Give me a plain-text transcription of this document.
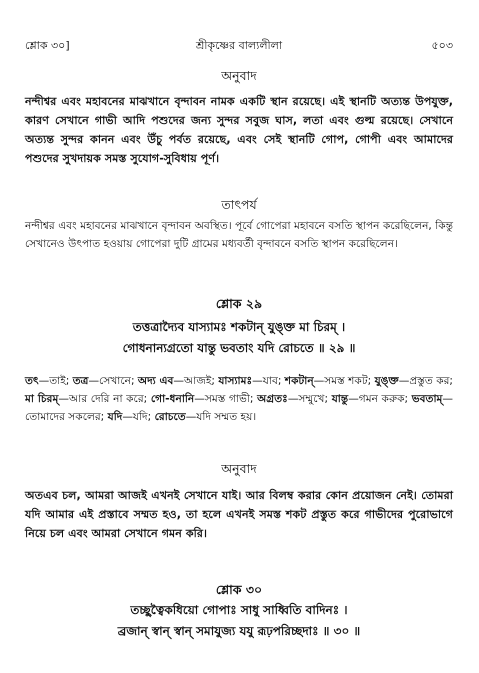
শ্লোক ৩০]	শ্রীকৃষ্ণের বাল্যলীলা	৫০৩
অনুবাদ

নন্দীশ্বর এবং মহাবনের মাঝখানে বৃন্দাবন নামক একটি স্থান রয়েছে। এই স্থানটি অত্যন্ত উপযুক্ত, কারণ সেখানে গাভী আদি পশুদের জন্য সুন্দর সবুজ ঘাস, লতা এবং গুল্ম রয়েছে। সেখানে অত্যন্ত সুন্দর কানন এবং উঁচু পর্বত রয়েছে, এবং সেই স্থানটি গোপ, গোপী এবং আমাদের পশুদের সুখদায়ক সমস্ত সুযোগ-সুবিধায় পূর্ণ।

তাৎপর্য

নন্দীশ্বর এবং মহাবনের মাঝখানে বৃন্দাবন অবস্থিত। পূর্বে গোপেরা মহাবনে বসতি স্থাপন করেছিলেন, কিন্তু সেখানেও উৎপাত হওয়ায় গোপেরা দুটি গ্রামের মধ্যবর্তী বৃন্দাবনে বসতি স্থাপন করেছিলেন।

শ্লোক ২৯
তত্তত্রাদ্যৈব যাস্যামঃ শকটান্ যুঙ্‌ক্ত মা চিরম্ ।
গোধনান্যগ্রতো যান্তু ভবতাং যদি রোচতে ॥ ২৯ ॥

তৎ—তাই; তত্র—সেখানে; অদ্য এব—আজই; যাস্যামঃ—যাব; শকটান্—সমস্ত শকট; যুঙ্‌ক্ত—প্রস্তুত কর; মা চিরম্—আর দেরি না করে; গো-ধনানি—সমস্ত গাভী; অগ্রতঃ—সম্মুখে; যান্তু—গমন করুক; ভবতাম্—তোমাদের সকলের; যদি—যদি; রোচতে—যদি সম্মত হয়।

অনুবাদ

অতএব চল, আমরা আজই এখনই সেখানে যাই। আর বিলম্ব করার কোন প্রয়োজন নেই। তোমরা যদি আমার এই প্রস্তাবে সম্মত হও, তা হলে এখনই সমস্ত শকট প্রস্তুত করে গাভীদের পুরোভাগে নিয়ে চল এবং আমরা সেখানে গমন করি।

শ্লোক ৩০
তচ্ছুত্বৈকধিয়ো গোপাঃ সাধু সাধ্বিতি বাদিনঃ ।
ব্রজান্ স্বান্ স্বান্ সমাযুজ্য যযু রূঢ়পরিচ্ছদাঃ ॥ ৩০ ॥
